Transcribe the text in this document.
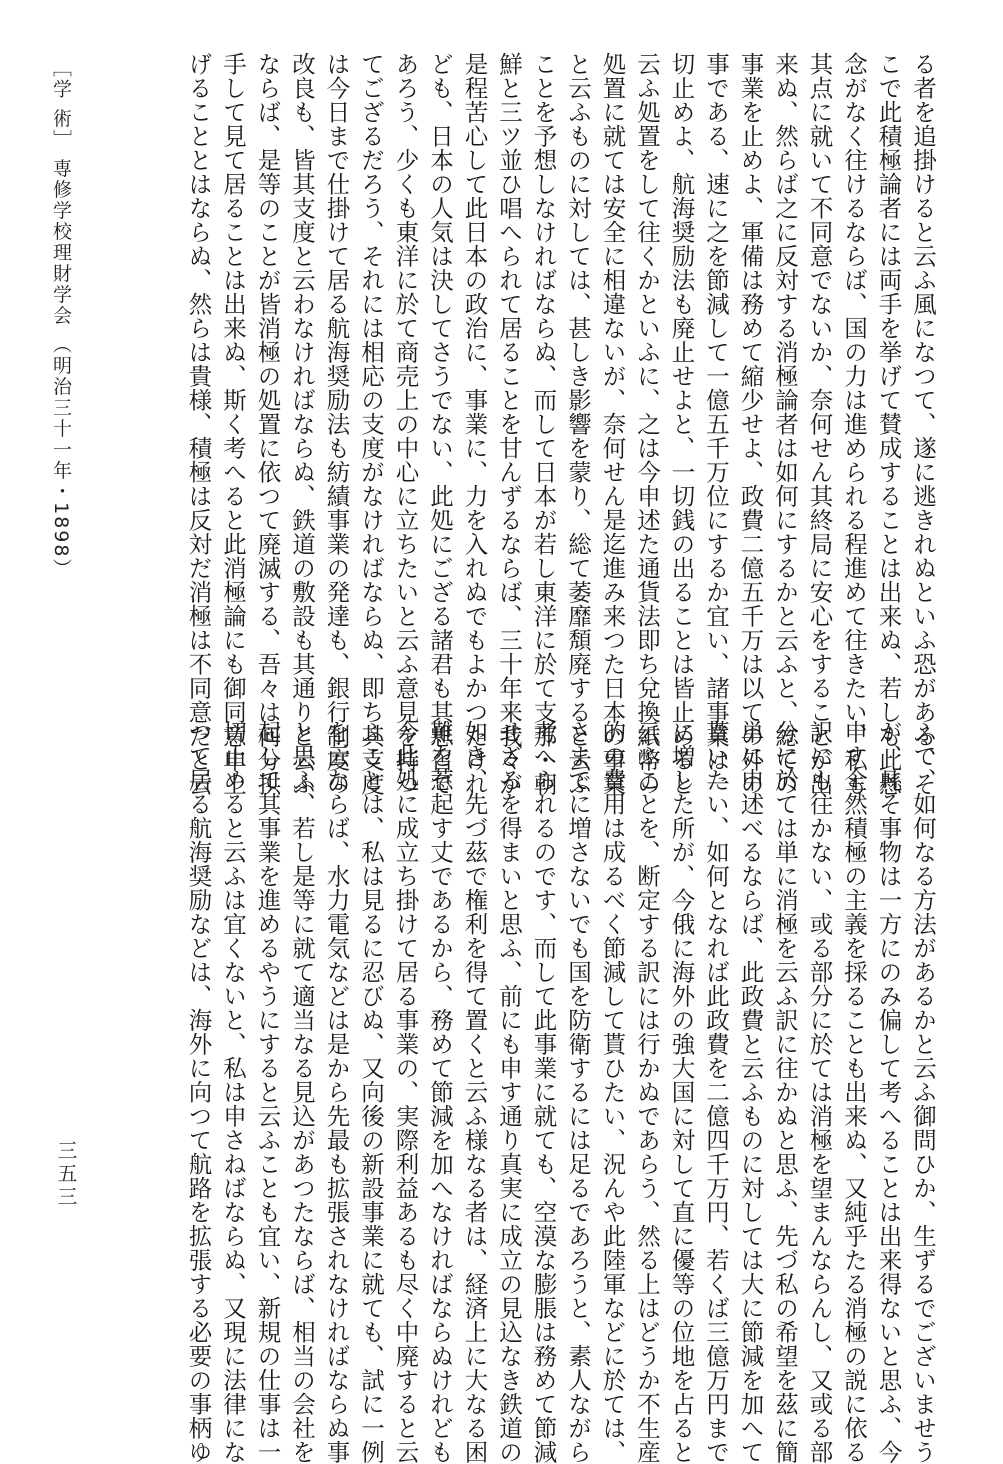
る者を追掛けると云ふ風になつて、遂に逃きれぬといふ恐がある、そ
こで此積極論者には両手を挙げて賛成することは出来ぬ、若しも此懸
念がなく往けるならば、国の力は進められる程進めて往きたい、私も
其点に就いて不同意でないか、奈何せん其終局に安心をすることが出
来ぬ、然らば之に反対する消極論者は如何にするかと云ふと、総ての
事業を止めよ、軍備は務めて縮少せよ、政費二億五千万は以ての外の
事である、速に之を節減して一億五千万位にするか宜い、諸事業は一
切止めよ、航海奨励法も廃止せよと、一切銭の出ることは皆止めると
云ふ処置をして往くかといふに、之は今申述た通貨法即ち兌換紙幣の
処置に就ては安全に相違ないが、奈何せん是迄進み来つた日本の事業
と云ふものに対しては、甚しき影響を蒙り、総て萎靡頽廃すると云ふ
ことを予想しなければならぬ、而して日本が若し東洋に於て支那・朝
鮮と三ツ並ひ唱へられて居ることを甘んずるならば、三十年来我々が
是程苦心して此日本の政治に、事業に、力を入れぬでもよかつたけれ
ども、日本の人気は決してさうでない、此処にござる諸君も其思召で
あろう、少くも東洋に於て商売上の中心に立ちたいと云ふ意見を持つ
てござるだろう、それには相応の支度がなければならぬ、即ち其支度
は今日まで仕掛けて居る航海奨励法も紡績事業の発達も、銀行制度の
改良も、皆其支度と云わなければならぬ、鉄道の敷設も其通りと云ふ
ならば、是等のことが皆消極の処置に依つて廃滅する、吾々は何分拱
手して見て居ることは出来ぬ、斯く考へると此消極論にも御同意申上
げることとはならぬ、然らは貴様、積極は反対だ消極は不同意だと云
ふて、如何なる方法があるかと云ふ御問ひか、生ずるでございませう
が、凡そ事物は一方にのみ偏して考へることは出来得ないと思ふ、今
申す全然積極の主義を採ることも出来ぬ、又純乎たる消極の説に依る
訳にも往かない、或る部分に於ては消極を望まんならんし、又或る部
分に於ては単に消極を云ふ訳に往かぬと思ふ、先づ私の希望を茲に簡
単に申述べるならば、此政費と云ふものに対しては大に節減を加へて
貰いたい、如何となれば此政費を二億四千万円、若くば三億万円まで
に増した所が、今俄に海外の強大国に対して直に優等の位地を占ると
云ふことを、断定する訳には行かぬであらう、然る上はどうか不生産
的の費用は成るべく節減して貰ひたい、況んや此陸軍などに於ては、
さまでに増さないでも国を防衛するには足るであろうと、素人ながら
考へられるのです、而して此事業に就ても、空漠な膨脹は務めて節減
せざるを得まいと思ふ、前にも申す通り真実に成立の見込なき鉄道の
如き、先づ茲で権利を得て置くと云ふ様なる者は、経済上に大なる困
難を惹起す丈であるから、務めて節減を加へなければならぬけれども
今此処に成立ち掛けて居る事業の、実際利益あるも尽く中廃すると云
ふことは、私は見るに忍びぬ、又向後の新設事業に就ても、試に一例
を云ならば、水力電気などは是から先最も拡張されなければならぬ事
と思ふ、若し是等に就て適当なる見込があつたならば、相当の会社を
起して其事業を進めるやうにすると云ふことも宜い、新規の仕事は一
切止めると云ふは宜くないと、私は申さねばならぬ、又現に法律にな
つて居る航海奨励などは、海外に向つて航路を拡張する必要の事柄ゆ
［学 術］ 専修学校理財学会 （明治三十一年・1898）
三五三
